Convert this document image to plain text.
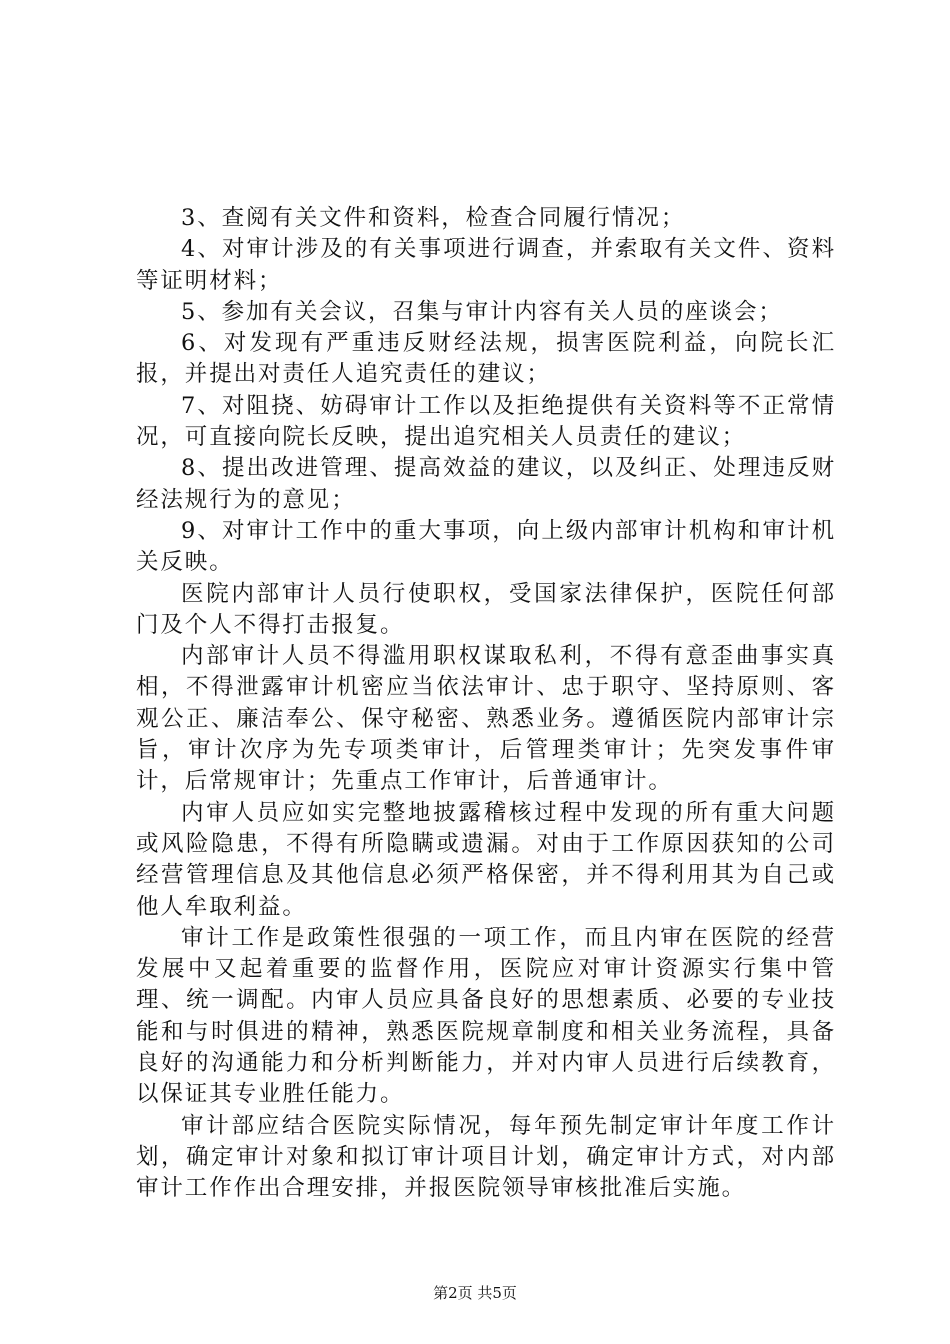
3、查阅有关文件和资料，检查合同履行情况；

4、对审计涉及的有关事项进行调查，并索取有关文件、资料等证明材料；

5、参加有关会议，召集与审计内容有关人员的座谈会；

6、对发现有严重违反财经法规，损害医院利益，向院长汇报，并提出对责任人追究责任的建议；

7、对阻挠、妨碍审计工作以及拒绝提供有关资料等不正常情况，可直接向院长反映，提出追究相关人员责任的建议；

8、提出改进管理、提高效益的建议，以及纠正、处理违反财经法规行为的意见；

9、对审计工作中的重大事项，向上级内部审计机构和审计机关反映。

医院内部审计人员行使职权，受国家法律保护，医院任何部门及个人不得打击报复。

内部审计人员不得滥用职权谋取私利，不得有意歪曲事实真相，不得泄露审计机密应当依法审计、忠于职守、坚持原则、客观公正、廉洁奉公、保守秘密、熟悉业务。遵循医院内部审计宗旨，审计次序为先专项类审计，后管理类审计；先突发事件审计，后常规审计；先重点工作审计，后普通审计。

内审人员应如实完整地披露稽核过程中发现的所有重大问题或风险隐患，不得有所隐瞒或遗漏。对由于工作原因获知的公司经营管理信息及其他信息必须严格保密，并不得利用其为自己或他人牟取利益。

审计工作是政策性很强的一项工作，而且内审在医院的经营发展中又起着重要的监督作用，医院应对审计资源实行集中管理、统一调配。内审人员应具备良好的思想素质、必要的专业技能和与时俱进的精神，熟悉医院规章制度和相关业务流程，具备良好的沟通能力和分析判断能力，并对内审人员进行后续教育，以保证其专业胜任能力。

审计部应结合医院实际情况，每年预先制定审计年度工作计划，确定审计对象和拟订审计项目计划，确定审计方式，对内部审计工作作出合理安排，并报医院领导审核批准后实施。

第2页 共5页
